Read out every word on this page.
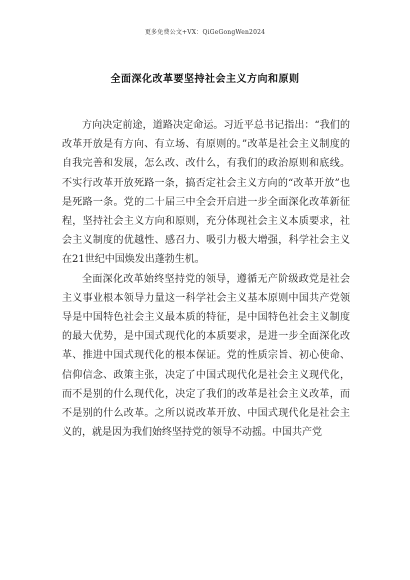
更多免费公文+VX：QiGeGongWen2024
全面深化改革要坚持社会主义方向和原则

方向决定前途，道路决定命运。习近平总书记指出：“我们的改革开放是有方向、有立场、有原则的。”改革是社会主义制度的自我完善和发展，怎么改、改什么，有我们的政治原则和底线。不实行改革开放死路一条，搞否定社会主义方向的“改革开放”也是死路一条。党的二十届三中全会开启进一步全面深化改革新征程，坚持社会主义方向和原则，充分体现社会主义本质要求，社会主义制度的优越性、感召力、吸引力极大增强，科学社会主义在21世纪中国焕发出蓬勃生机。

全面深化改革始终坚持党的领导，遵循无产阶级政党是社会主义事业根本领导力量这一科学社会主义基本原则中国共产党领导是中国特色社会主义最本质的特征，是中国特色社会主义制度的最大优势，是中国式现代化的本质要求，是进一步全面深化改革、推进中国式现代化的根本保证。党的性质宗旨、初心使命、信仰信念、政策主张，决定了中国式现代化是社会主义现代化，而不是别的什么现代化，决定了我们的改革是社会主义改革，而不是别的什么改革。之所以说改革开放、中国式现代化是社会主义的，就是因为我们始终坚持党的领导不动摇。中国共产党
